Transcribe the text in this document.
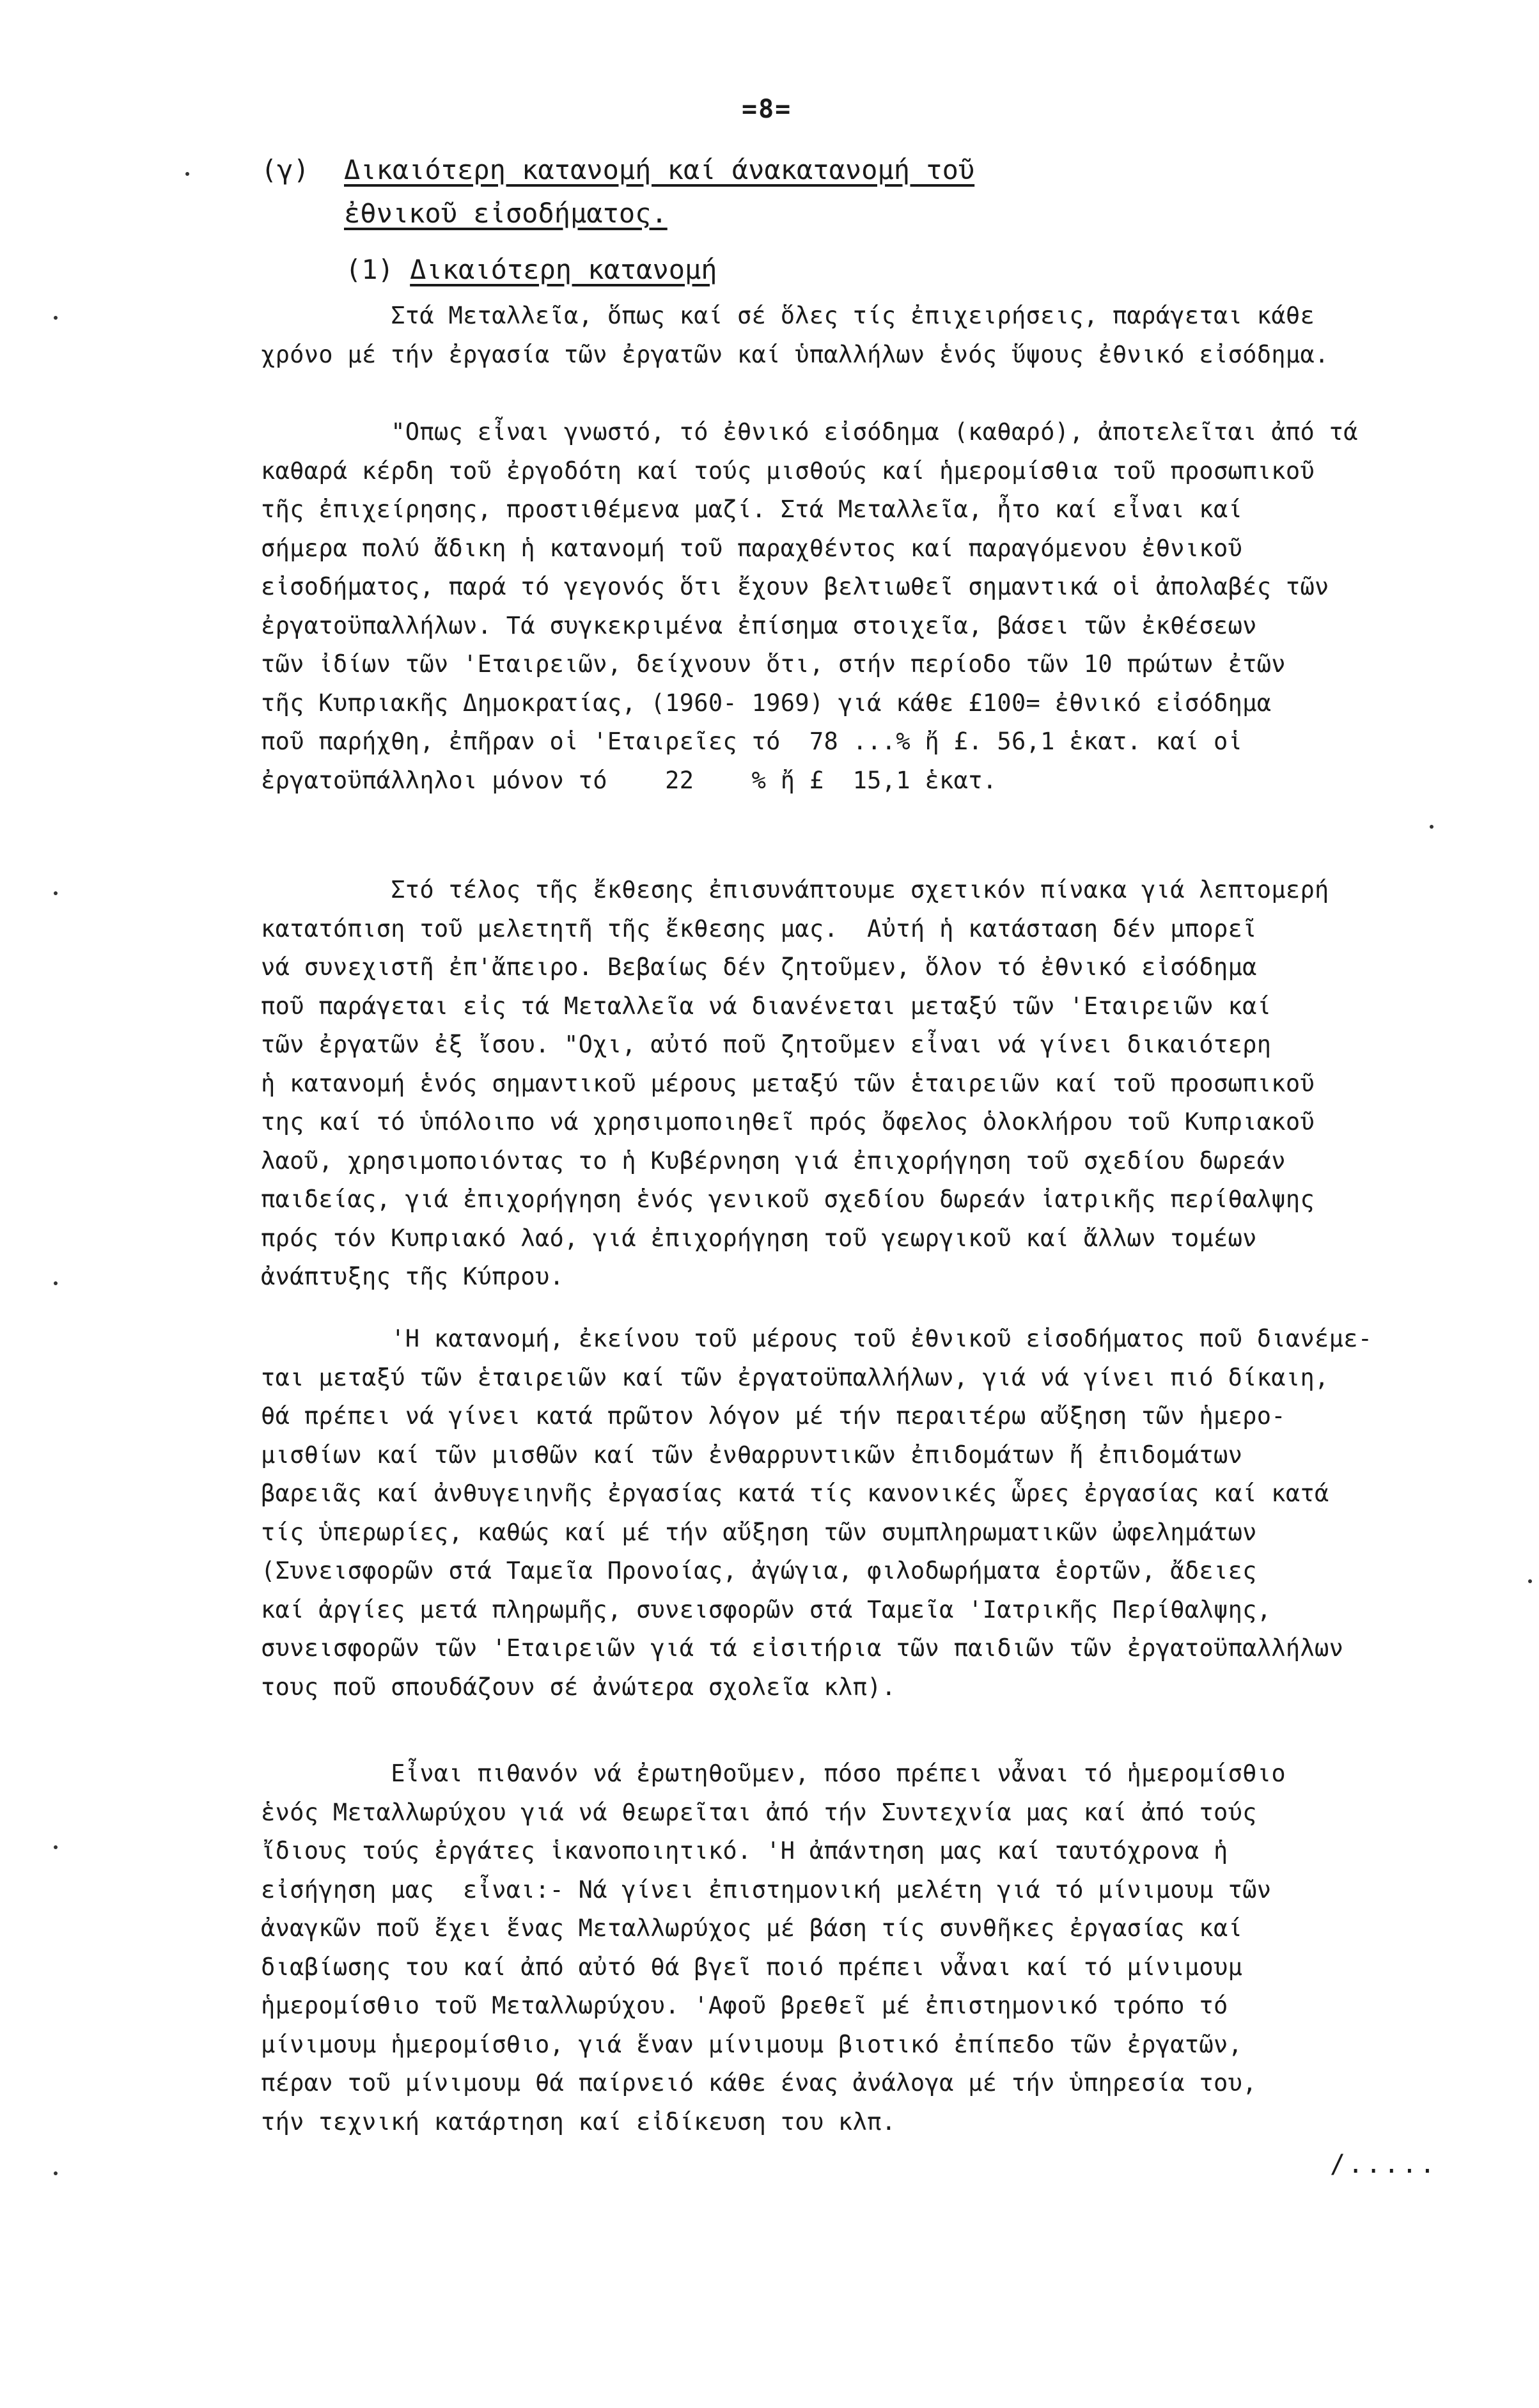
=8=
(γ) Δικαιότερη κατανομή καί άνακατανομή τοῦ
ἐθνικοῦ εἰσοδήματος.
(1) Δικαιότερη κατανομή

Στά Μεταλλεῖα, ὅπως καί σέ ὅλες τίς ἐπιχειρήσεις, παράγεται κάθε
χρόνο μέ τήν ἐργασία τῶν ἐργατῶν καί ὑπαλλήλων ἑνός ὕψους ἐθνικό εἰσόδημα.

"Οπως εἶναι γνωστό, τό ἐθνικό εἰσόδημα (καθαρό), ἀποτελεῖται ἀπό τά
καθαρά κέρδη τοῦ ἐργοδότη καί τούς μισθούς καί ἡμερομίσθια τοῦ προσωπικοῦ
τῆς ἐπιχείρησης, προστιθέμενα μαζί. Στά Μεταλλεῖα, ἦτο καί εἶναι καί
σήμερα πολύ ἄδικη ἡ κατανομή τοῦ παραχθέντος καί παραγόμενου ἐθνικοῦ
εἰσοδήματος, παρά τό γεγονός ὅτι ἔχουν βελτιωθεῖ σημαντικά οἱ ἀπολαβές τῶν
ἐργατοϋπαλλήλων. Τά συγκεκριμένα ἐπίσημα στοιχεῖα, βάσει τῶν ἐκθέσεων
τῶν ἰδίων τῶν 'Εταιρειῶν, δείχνουν ὅτι, στήν περίοδο τῶν 10 πρώτων ἐτῶν
τῆς Κυπριακῆς Δημοκρατίας, (1960- 1969) γιά κάθε £100= ἐθνικό εἰσόδημα
ποῦ παρήχθη, ἐπῆραν οἱ 'Εταιρεῖες τό  78 ...% ἤ £. 56,1 ἑκατ. καί οἱ
ἐργατοϋπάλληλοι μόνον τό    22    % ἤ £  15,1 ἑκατ.

Στό τέλος τῆς ἔκθεσης ἐπισυνάπτουμε σχετικόν πίνακα γιά λεπτομερή
κατατόπιση τοῦ μελετητῆ τῆς ἔκθεσης μας.  Αὐτή ἡ κατάσταση δέν μπορεῖ
νά συνεχιστῆ ἐπ'ἄπειρο. Βεβαίως δέν ζητοῦμεν, ὅλον τό ἐθνικό εἰσόδημα
ποῦ παράγεται εἰς τά Μεταλλεῖα νά διανένεται μεταξύ τῶν 'Εταιρειῶν καί
τῶν ἐργατῶν ἐξ ἴσου. "Οχι, αὐτό ποῦ ζητοῦμεν εἶναι νά γίνει δικαιότερη
ἡ κατανομή ἑνός σημαντικοῦ μέρους μεταξύ τῶν ἑταιρειῶν καί τοῦ προσωπικοῦ
της καί τό ὑπόλοιπο νά χρησιμοποιηθεῖ πρός ὄφελος ὁλοκλήρου τοῦ Κυπριακοῦ
λαοῦ, χρησιμοποιόντας το ἡ Κυβέρνηση γιά ἐπιχορήγηση τοῦ σχεδίου δωρεάν
παιδείας, γιά ἐπιχορήγηση ἑνός γενικοῦ σχεδίου δωρεάν ἰατρικῆς περίθαλψης
πρός τόν Κυπριακό λαό, γιά ἐπιχορήγηση τοῦ γεωργικοῦ καί ἄλλων τομέων
ἀνάπτυξης τῆς Κύπρου.

'Η κατανομή, ἐκείνου τοῦ μέρους τοῦ ἐθνικοῦ εἰσοδήματος ποῦ διανέμε-
ται μεταξύ τῶν ἑταιρειῶν καί τῶν ἐργατοϋπαλλήλων, γιά νά γίνει πιό δίκαιη,
θά πρέπει νά γίνει κατά πρῶτον λόγον μέ τήν περαιτέρω αὔξηση τῶν ἡμερο-
μισθίων καί τῶν μισθῶν καί τῶν ἐνθαρρυντικῶν ἐπιδομάτων ἤ ἐπιδομάτων
βαρειᾶς καί ἀνθυγειηνῆς ἐργασίας κατά τίς κανονικές ὧρες ἐργασίας καί κατά
τίς ὑπερωρίες, καθώς καί μέ τήν αὔξηση τῶν συμπληρωματικῶν ὠφελημάτων
(Συνεισφορῶν στά Ταμεῖα Προνοίας, ἀγώγια, φιλοδωρήματα ἑορτῶν, ἄδειες
καί ἀργίες μετά πληρωμῆς, συνεισφορῶν στά Ταμεῖα 'Ιατρικῆς Περίθαλψης,
συνεισφορῶν τῶν 'Εταιρειῶν γιά τά εἰσιτήρια τῶν παιδιῶν τῶν ἐργατοϋπαλλήλων
τους ποῦ σπουδάζουν σέ ἀνώτερα σχολεῖα κλπ).

Εἶναι πιθανόν νά ἐρωτηθοῦμεν, πόσο πρέπει νἆναι τό ἡμερομίσθιο
ἑνός Μεταλλωρύχου γιά νά θεωρεῖται ἀπό τήν Συντεχνία μας καί ἀπό τούς
ἴδιους τούς ἐργάτες ἱκανοποιητικό. 'Η ἀπάντηση μας καί ταυτόχρονα ἡ
εἰσήγηση μας  εἶναι:- Νά γίνει ἐπιστημονική μελέτη γιά τό μίνιμουμ τῶν
ἀναγκῶν ποῦ ἔχει ἕνας Μεταλλωρύχος μέ βάση τίς συνθῆκες ἐργασίας καί
διαβίωσης του καί ἀπό αὐτό θά βγεῖ ποιό πρέπει νἆναι καί τό μίνιμουμ
ἡμερομίσθιο τοῦ Μεταλλωρύχου. 'Αφοῦ βρεθεῖ μέ ἐπιστημονικό τρόπο τό
μίνιμουμ ἡμερομίσθιο, γιά ἕναν μίνιμουμ βιοτικό ἐπίπεδο τῶν ἐργατῶν,
πέραν τοῦ μίνιμουμ θά παίρνειό κάθε ένας ἀνάλογα μέ τήν ὑπηρεσία του,
τήν τεχνική κατάρτηση καί εἰδίκευση του κλπ.

/.....
